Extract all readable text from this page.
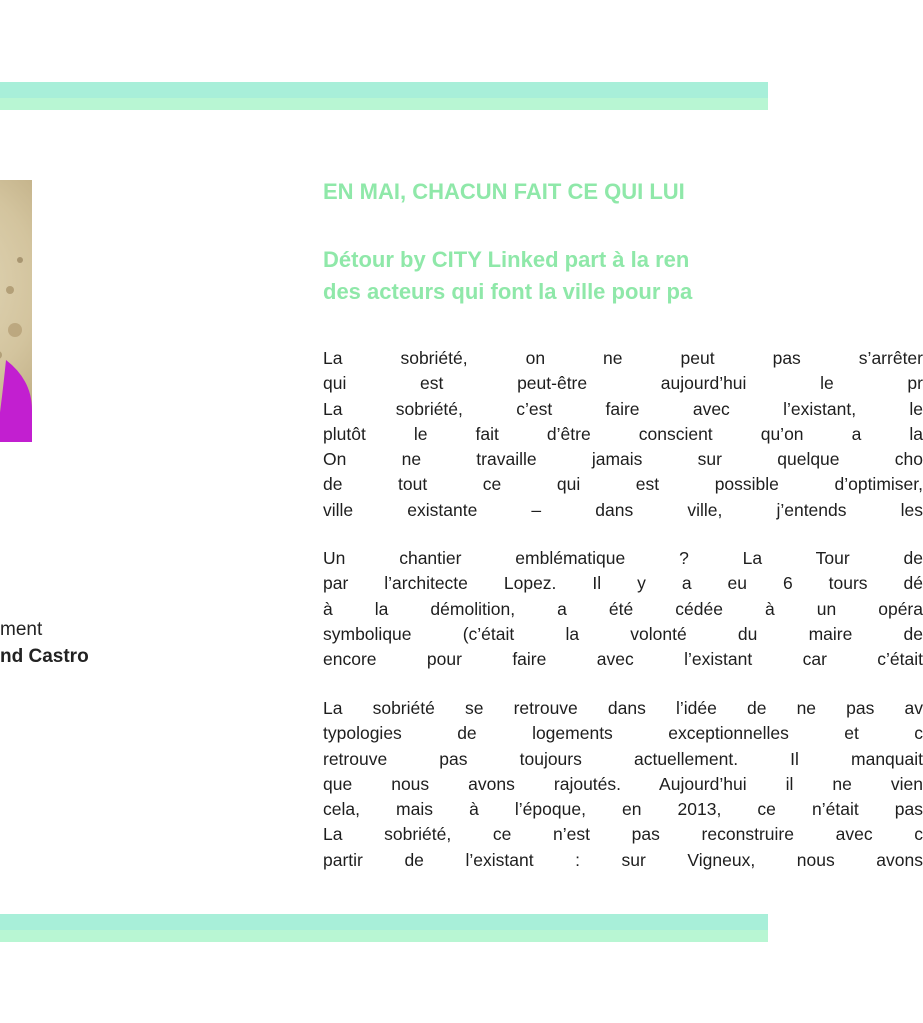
ment
nd Castro
EN MAI, CHACUN FAIT CE QUI LUI
Détour by CITY Linked part à la ren
des acteurs qui font la ville pour pa
La sobriété, on ne peut pas s’arrêter
qui est peut-être aujourd’hui le pr
La sobriété, c’est faire avec l’existant, le
plutôt le fait d’être conscient qu’on a la
On ne travaille jamais sur quelque cho
de tout ce qui est possible d’optimiser,
ville existante – dans ville, j’entends les
Un chantier emblématique ? La Tour de
par l’architecte Lopez. Il y a eu 6 tours dé
à la démolition, a été cédée à un opéra
symbolique (c’était la volonté du maire de
encore pour faire avec l’existant car c’était
La sobriété se retrouve dans l’idée de ne pas av
typologies de logements exceptionnelles et c
retrouve pas toujours actuellement. Il manquait
que nous avons rajoutés. Aujourd’hui il ne vien
cela, mais à l’époque, en 2013, ce n’était pas
La sobriété, ce n’est pas reconstruire avec c
partir de l’existant : sur Vigneux, nous avons
